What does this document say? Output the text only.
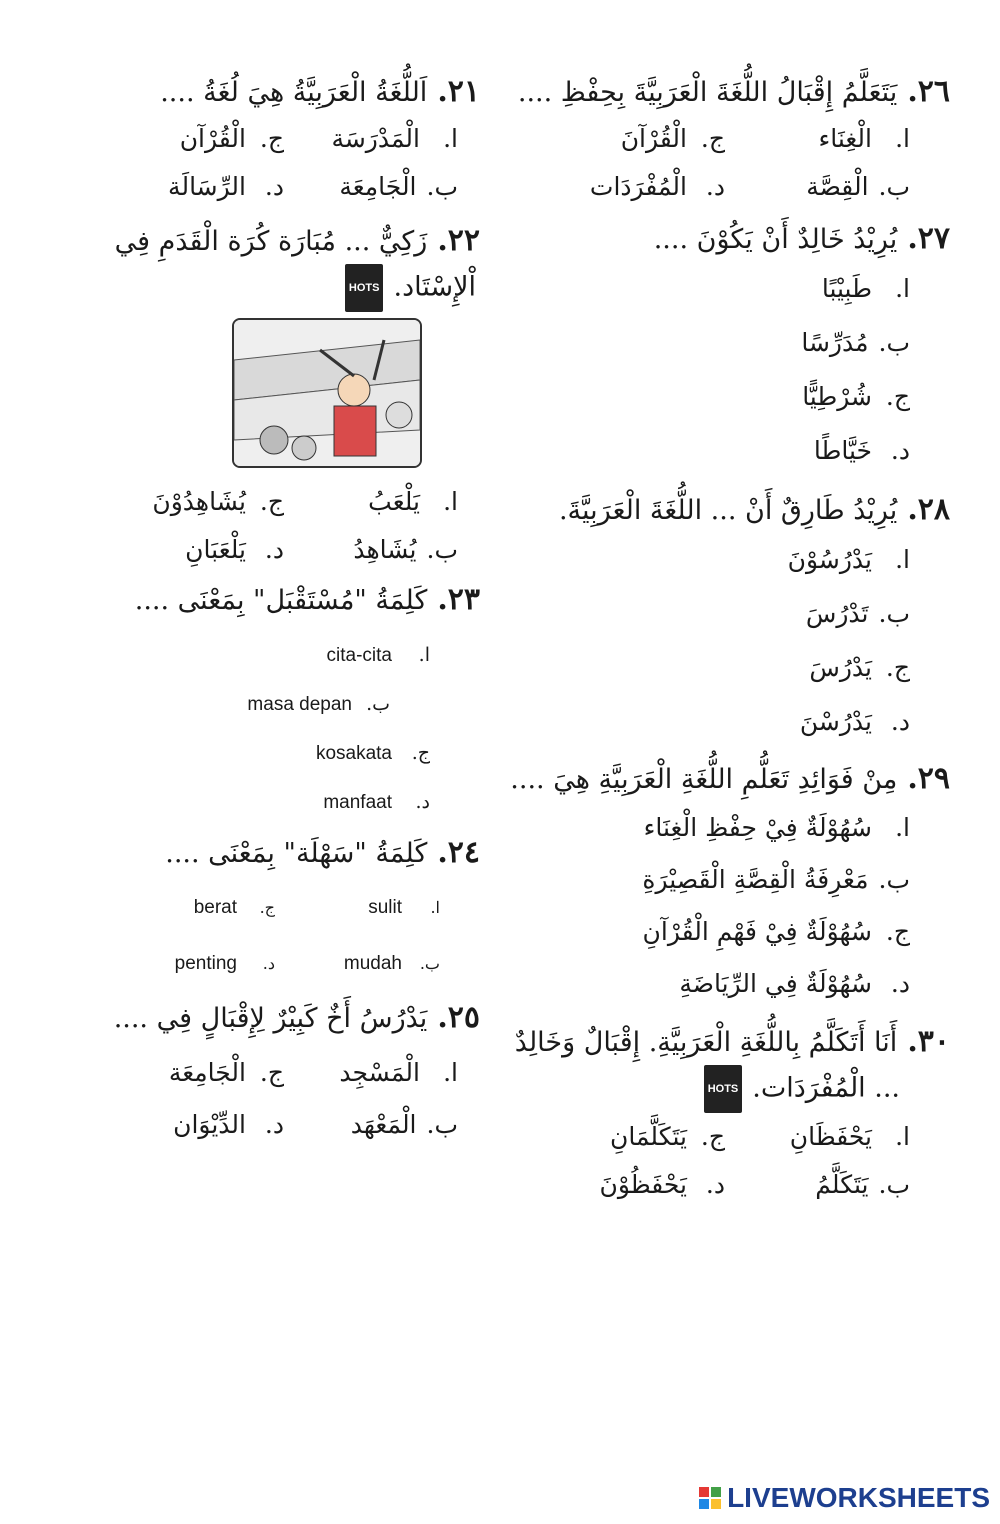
٢١.
اَللُّغَةُ الْعَرَبِيَّةُ هِيَ لُغَةُ ....
ا.الْمَدْرَسَة
ج.الْقُرْآن
ب.الْجَامِعَة
د.الرِّسَالَة
٢٢.
زَكِيٌّ ... مُبَارَة كُرَة الْقَدَمِ فِي
اْلإِسْتَاد.HOTS
ا.يَلْعَبُ
ج.يُشَاهِدُوْنَ
ب.يُشَاهِدُ
د.يَلْعَبَانِ
٢٣.
كَلِمَةُ "مُسْتَقْبَل" بِمَعْنَى ....
ا.cita-cita
ب.masa depan
ج.kosakata
د.manfaat
٢٤.
كَلِمَةُ "سَهْلَة" بِمَعْنَى ....
ا.sulit
ج.berat
ب.mudah
د.penting
٢٥.
يَدْرُسُ أَخٌ كَبِيْرٌ لِإِقْبَالٍ فِي ....
ا.الْمَسْجِد
ج.الْجَامِعَة
ب.الْمَعْهَد
د.الدِّيْوَان
٢٦.
يَتَعَلَّمُ إِقْبَالُ اللُّغَةَ الْعَرَبِيَّةَ بِحِفْظِ ....
ا.الْغِنَاء
ج.الْقُرْآنَ
ب.الْقِصَّة
د.الْمُفْرَدَات
٢٧.
يُرِيْدُ خَالِدٌ أَنْ يَكُوْنَ ....
ا.طَبِيْبًا
ب.مُدَرِّسًا
ج.شُرْطِيًّا
د.خَيَّاطًا
٢٨.
يُرِيْدُ طَارِقٌ أَنْ ... اللُّغَةَ الْعَرَبِيَّةَ.
ا.يَدْرُسُوْنَ
ب.تَدْرُسَ
ج.يَدْرُسَ
د.يَدْرُسْنَ
٢٩.
مِنْ فَوَائِدِ تَعَلُّمِ اللُّغَةِ الْعَرَبِيَّةِ هِيَ ....
ا.سُهُوْلَةٌ فِيْ حِفْظِ الْغِنَاء
ب.مَعْرِفَةُ الْقِصَّةِ الْقَصِيْرَةِ
ج.سُهُوْلَةٌ فِيْ فَهْمِ الْقُرْآنِ
د.سُهُوْلَةٌ فِي الرِّيَاضَةِ
٣٠.
أَنَا أَتَكَلَّمُ بِاللُّغَةِ الْعَرَبِيَّةِ. إِقْبَالٌ وَخَالِدٌ
... الْمُفْرَدَات.HOTS
ا.يَحْفَظَانِ
ج.يَتَكَلَّمَانِ
ب.يَتَكَلَّمُ
د.يَحْفَظُوْنَ
LIVEWORKSHEETS
